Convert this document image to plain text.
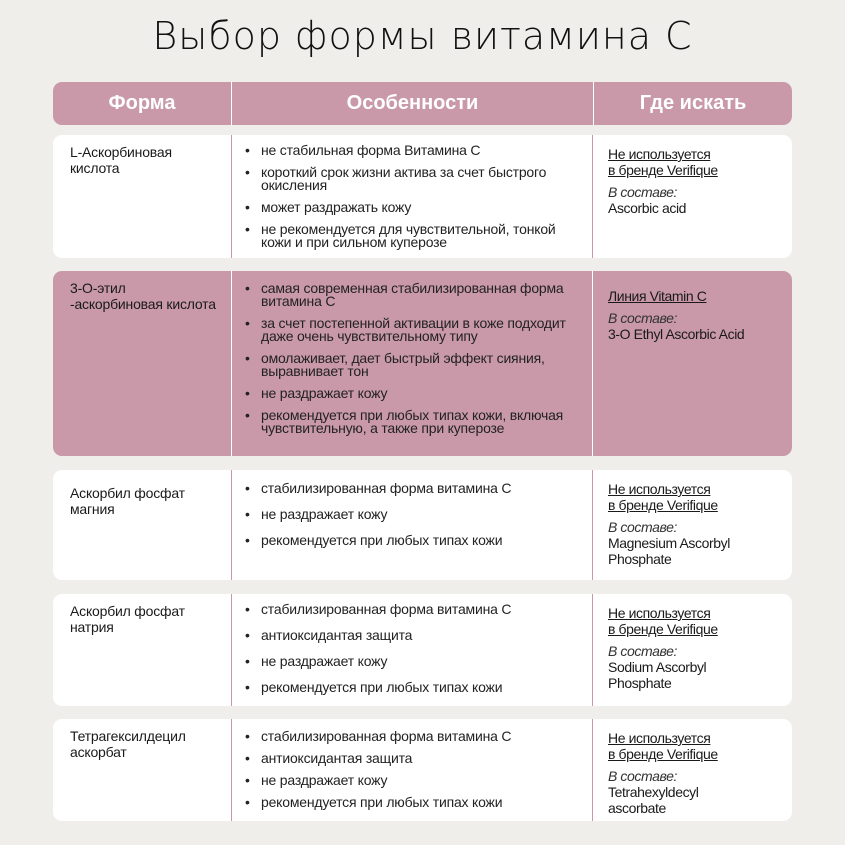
Выбор формы витамина С
Форма	Особенности	Где искать
L-Аскорбиновая кислота
• не стабильная форма Витамина С
• короткий срок жизни актива за счет быстрого окисления
• может раздражать кожу
• не рекомендуется для чувствительной, тонкой кожи и при сильном куперозе
Не используется
в бренде Verifique
В составе:
Ascorbic acid
3-О-этил -аскорбиновая кислота
• самая современная стабилизированная форма витамина С
• за счет постепенной активации в коже подходит даже очень чувствительному типу
• омолаживает, дает быстрый эффект сияния, выравнивает тон
• не раздражает кожу
• рекомендуется при любых типах кожи, включая чувствительную, а также при куперозе
Линия Vitamin C
В составе:
3-O Ethyl Ascorbic Acid
Аскорбил фосфат магния
• стабилизированная форма витамина С
• не раздражает кожу
• рекомендуется при любых типах кожи
Не используется
в бренде Verifique
В составе:
Magnesium Ascorbyl
Phosphate
Аскорбил фосфат натрия
• стабилизированная форма витамина С
• антиоксидантая защита
• не раздражает кожу
• рекомендуется при любых типах кожи
Не используется
в бренде Verifique
В составе:
Sodium Ascorbyl
Phosphate
Тетрагексилдецил аскорбат
• стабилизированная форма витамина С
• антиоксидантая защита
• не раздражает кожу
• рекомендуется при любых типах кожи
Не используется
в бренде Verifique
В составе:
Tetrahexyldecyl
ascorbate
